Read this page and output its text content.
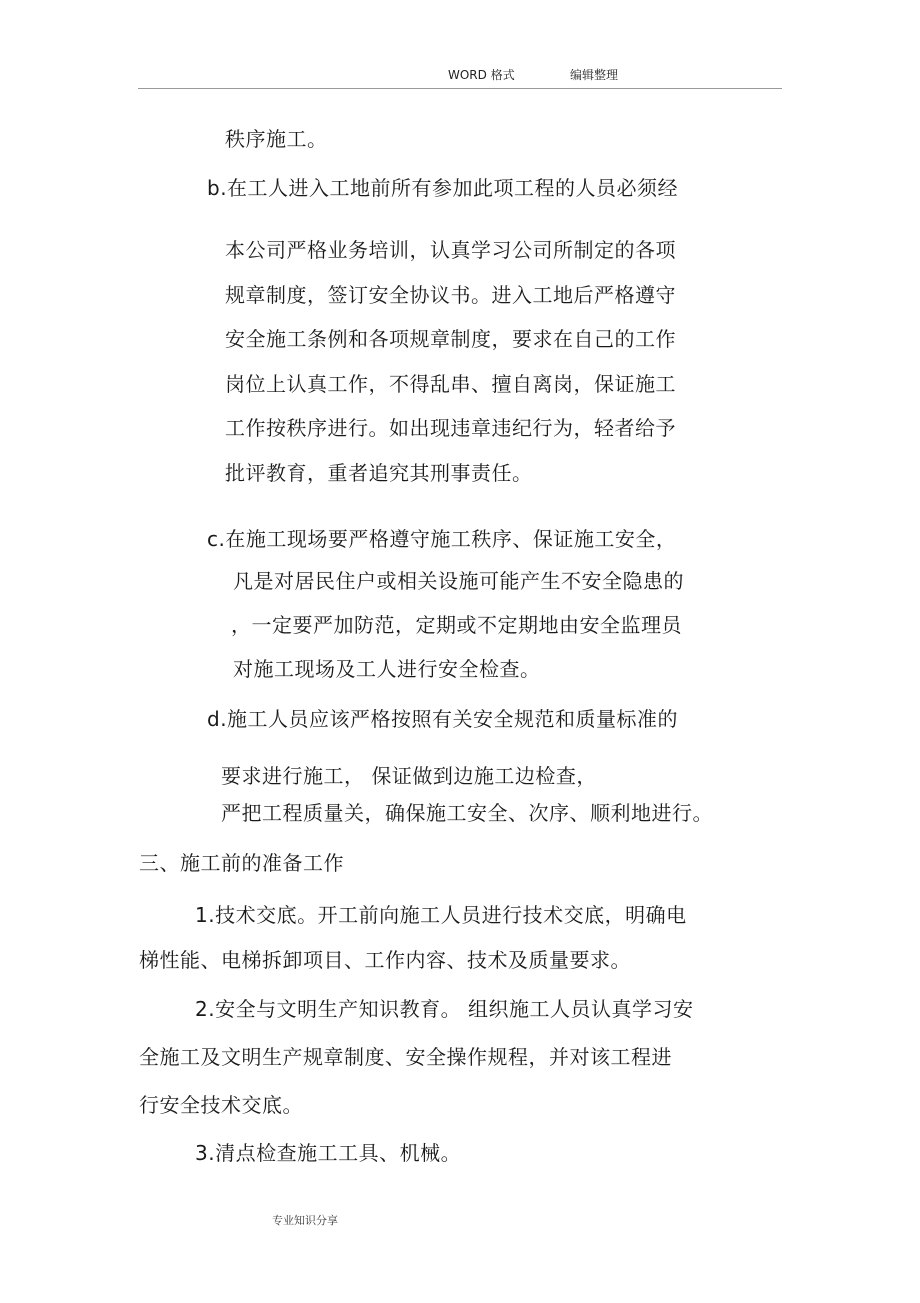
WORD 格式	编辑整理
秩序施工。
b.在工人进入工地前所有参加此项工程的人员必须经
本公司严格业务培训，认真学习公司所制定的各项
规章制度，签订安全协议书。进入工地后严格遵守
安全施工条例和各项规章制度，要求在自己的工作
岗位上认真工作，不得乱串、擅自离岗，保证施工
工作按秩序进行。如出现违章违纪行为，轻者给予
批评教育，重者追究其刑事责任。
c.在施工现场要严格遵守施工秩序、保证施工安全，
凡是对居民住户或相关设施可能产生不安全隐患的
，一定要严加防范，定期或不定期地由安全监理员
对施工现场及工人进行安全检查。
d.施工人员应该严格按照有关安全规范和质量标准的
要求进行施工， 保证做到边施工边检查，
严把工程质量关，确保施工安全、次序、顺利地进行。
三、施工前的准备工作
1.技术交底。开工前向施工人员进行技术交底，明确电
梯性能、电梯拆卸项目、工作内容、技术及质量要求。
2.安全与文明生产知识教育。 组织施工人员认真学习安
全施工及文明生产规章制度、安全操作规程，并对该工程进
行安全技术交底。
3.清点检查施工工具、机械。
专业知识分享
